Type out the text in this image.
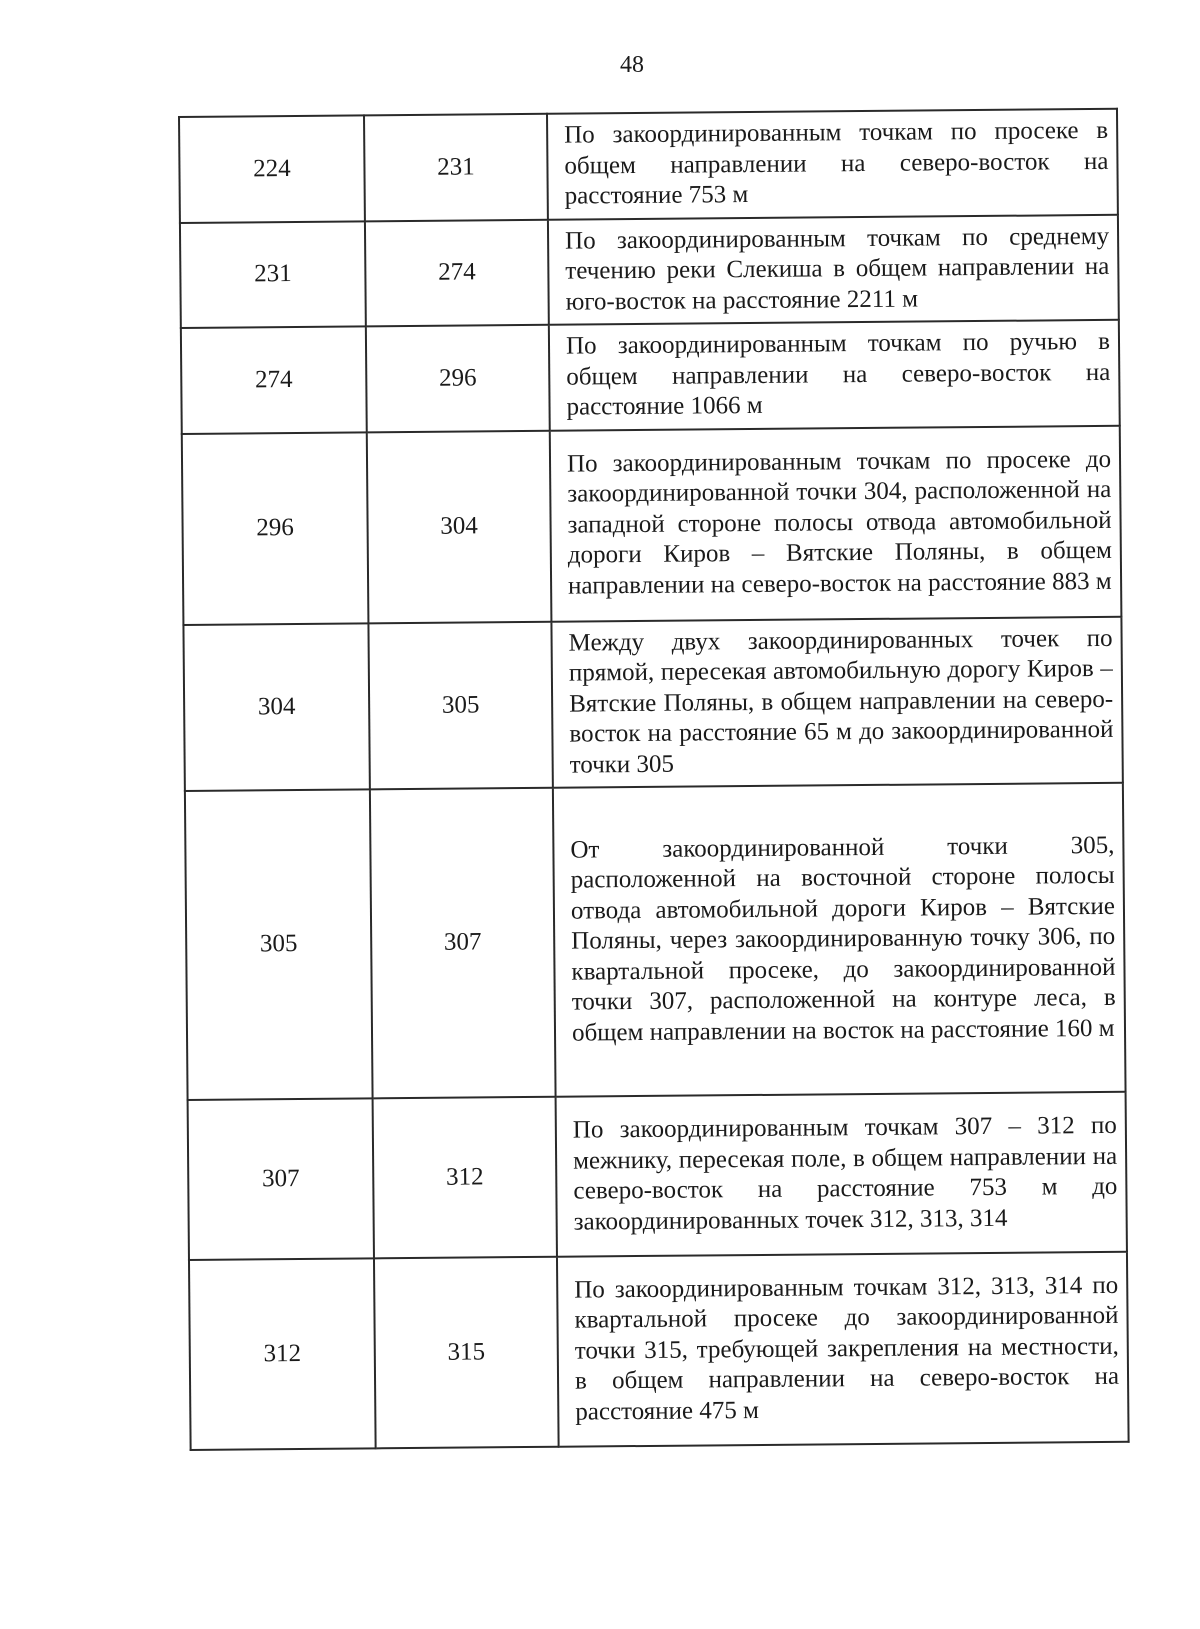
48
224	231	По закоординированным точкам по просеке в общем направлении на северо-восток на расстояние 753 м
231	274	По закоординированным точкам по среднему течению реки Слекиша в общем направлении на юго-восток на расстояние 2211 м
274	296	По закоординированным точкам по ручью в общем направлении на северо-восток на расстояние 1066 м
296	304	По закоординированным точкам по просеке до закоординированной точки 304, расположенной на западной стороне полосы отвода автомобильной дороги Киров – Вятские Поляны, в общем направлении на северо-восток на расстояние 883 м
304	305	Между двух закоординированных точек по прямой, пересекая автомобильную дорогу Киров – Вятские Поляны, в общем направлении на северо-восток на расстояние 65 м до закоординированной точки 305
305	307	От закоординированной точки 305, расположенной на восточной стороне полосы отвода автомобильной дороги Киров – Вятские Поляны, через закоординированную точку 306, по квартальной просеке, до закоординированной точки 307, расположенной на контуре леса, в общем направлении на восток на расстояние 160 м
307	312	По закоординированным точкам 307 – 312 по межнику, пересекая поле, в общем направлении на северо-восток на расстояние 753 м до закоординированных точек 312, 313, 314
312	315	По закоординированным точкам 312, 313, 314 по квартальной просеке до закоординированной точки 315, требующей закрепления на местности, в общем направлении на северо-восток на расстояние 475 м
